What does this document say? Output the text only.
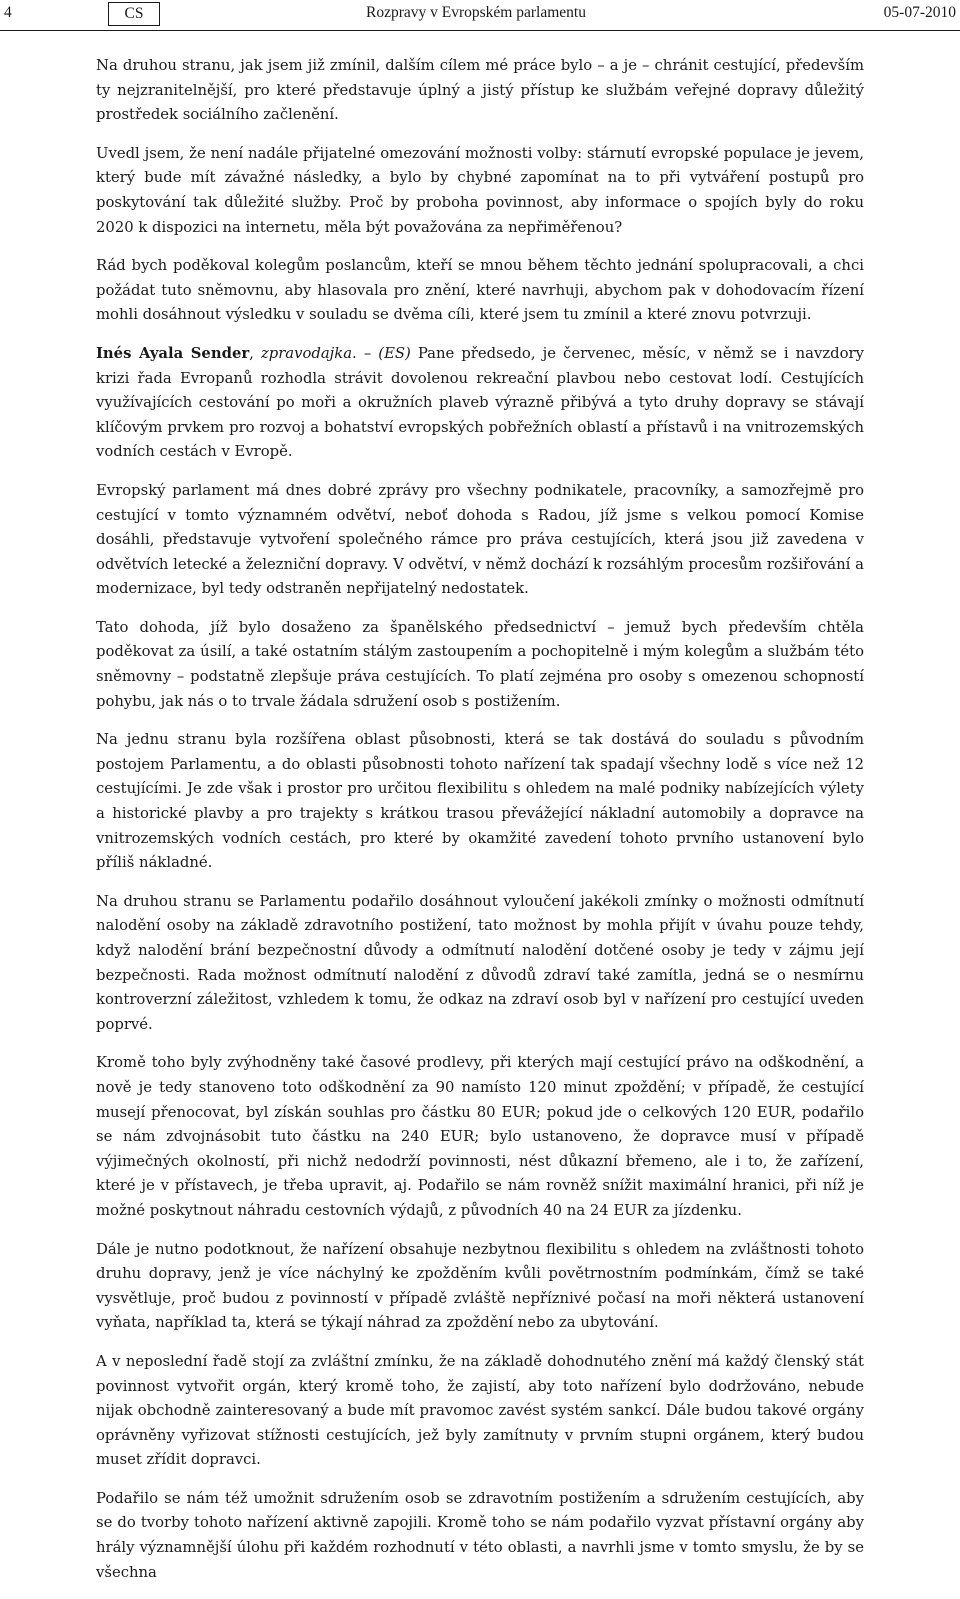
4	CS	Rozpravy v Evropském parlamentu	05-07-2010

Na druhou stranu, jak jsem již zmínil, dalším cílem mé práce bylo – a je – chránit cestující, především ty nejzranitelnější, pro které představuje úplný a jistý přístup ke službám veřejné dopravy důležitý prostředek sociálního začlenění.

Uvedl jsem, že není nadále přijatelné omezování možnosti volby: stárnutí evropské populace je jevem, který bude mít závažné následky, a bylo by chybné zapomínat na to při vytváření postupů pro poskytování tak důležité služby. Proč by proboha povinnost, aby informace o spojích byly do roku 2020 k dispozici na internetu, měla být považována za nepřiměřenou?

Rád bych poděkoval kolegům poslancům, kteří se mnou během těchto jednání spolupracovali, a chci požádat tuto sněmovnu, aby hlasovala pro znění, které navrhuji, abychom pak v dohodovacím řízení mohli dosáhnout výsledku v souladu se dvěma cíli, které jsem tu zmínil a které znovu potvrzuji.

Inés Ayala Sender, zpravodajka. – (ES) Pane předsedo, je červenec, měsíc, v němž se i navzdory krizi řada Evropanů rozhodla strávit dovolenou rekreační plavbou nebo cestovat lodí. Cestujících využívajících cestování po moři a okružních plaveb výrazně přibývá a tyto druhy dopravy se stávají klíčovým prvkem pro rozvoj a bohatství evropských pobřežních oblastí a přístavů i na vnitrozemských vodních cestách v Evropě.

Evropský parlament má dnes dobré zprávy pro všechny podnikatele, pracovníky, a samozřejmě pro cestující v tomto významném odvětví, neboť dohoda s Radou, jíž jsme s velkou pomocí Komise dosáhli, představuje vytvoření společného rámce pro práva cestujících, která jsou již zavedena v odvětvích letecké a železniční dopravy. V odvětví, v němž dochází k rozsáhlým procesům rozšiřování a modernizace, byl tedy odstraněn nepřijatelný nedostatek.

Tato dohoda, jíž bylo dosaženo za španělského předsednictví – jemuž bych především chtěla poděkovat za úsilí, a také ostatním stálým zastoupením a pochopitelně i mým kolegům a službám této sněmovny – podstatně zlepšuje práva cestujících. To platí zejména pro osoby s omezenou schopností pohybu, jak nás o to trvale žádala sdružení osob s postižením.

Na jednu stranu byla rozšířena oblast působnosti, která se tak dostává do souladu s původním postojem Parlamentu, a do oblasti působnosti tohoto nařízení tak spadají všechny lodě s více než 12 cestujícími. Je zde však i prostor pro určitou flexibilitu s ohledem na malé podniky nabízejících výlety a historické plavby a pro trajekty s krátkou trasou převážející nákladní automobily a dopravce na vnitrozemských vodních cestách, pro které by okamžité zavedení tohoto prvního ustanovení bylo příliš nákladné.

Na druhou stranu se Parlamentu podařilo dosáhnout vyloučení jakékoli zmínky o možnosti odmítnutí nalodění osoby na základě zdravotního postižení, tato možnost by mohla přijít v úvahu pouze tehdy, když nalodění brání bezpečnostní důvody a odmítnutí nalodění dotčené osoby je tedy v zájmu její bezpečnosti. Rada možnost odmítnutí nalodění z důvodů zdraví také zamítla, jedná se o nesmírnu kontroverzní záležitost, vzhledem k tomu, že odkaz na zdraví osob byl v nařízení pro cestující uveden poprvé.

Kromě toho byly zvýhodněny také časové prodlevy, při kterých mají cestující právo na odškodnění, a nově je tedy stanoveno toto odškodnění za 90 namísto 120 minut zpoždění; v případě, že cestující musejí přenocovat, byl získán souhlas pro částku 80 EUR; pokud jde o celkových 120 EUR, podařilo se nám zdvojnásobit tuto částku na 240 EUR; bylo ustanoveno, že dopravce musí v případě výjimečných okolností, při nichž nedodrží povinnosti, nést důkazní břemeno, ale i to, že zařízení, které je v přístavech, je třeba upravit, aj. Podařilo se nám rovněž snížit maximální hranici, při níž je možné poskytnout náhradu cestovních výdajů, z původních 40 na 24 EUR za jízdenku.

Dále je nutno podotknout, že nařízení obsahuje nezbytnou flexibilitu s ohledem na zvláštnosti tohoto druhu dopravy, jenž je více náchylný ke zpožděním kvůli povětrnostním podmínkám, čímž se také vysvětluje, proč budou z povinností v případě zvláště nepříznivé počasí na moři některá ustanovení vyňata, například ta, která se týkají náhrad za zpoždění nebo za ubytování.

A v neposlední řadě stojí za zvláštní zmínku, že na základě dohodnutého znění má každý členský stát povinnost vytvořit orgán, který kromě toho, že zajistí, aby toto nařízení bylo dodržováno, nebude nijak obchodně zainteresovaný a bude mít pravomoc zavést systém sankcí. Dále budou takové orgány oprávněny vyřizovat stížnosti cestujících, jež byly zamítnuty v prvním stupni orgánem, který budou muset zřídit dopravci.

Podařilo se nám též umožnit sdružením osob se zdravotním postižením a sdružením cestujících, aby se do tvorby tohoto nařízení aktivně zapojili. Kromě toho se nám podařilo vyzvat přístavní orgány aby hrály významnější úlohu při každém rozhodnutí v této oblasti, a navrhli jsme v tomto smyslu, že by se všechna
